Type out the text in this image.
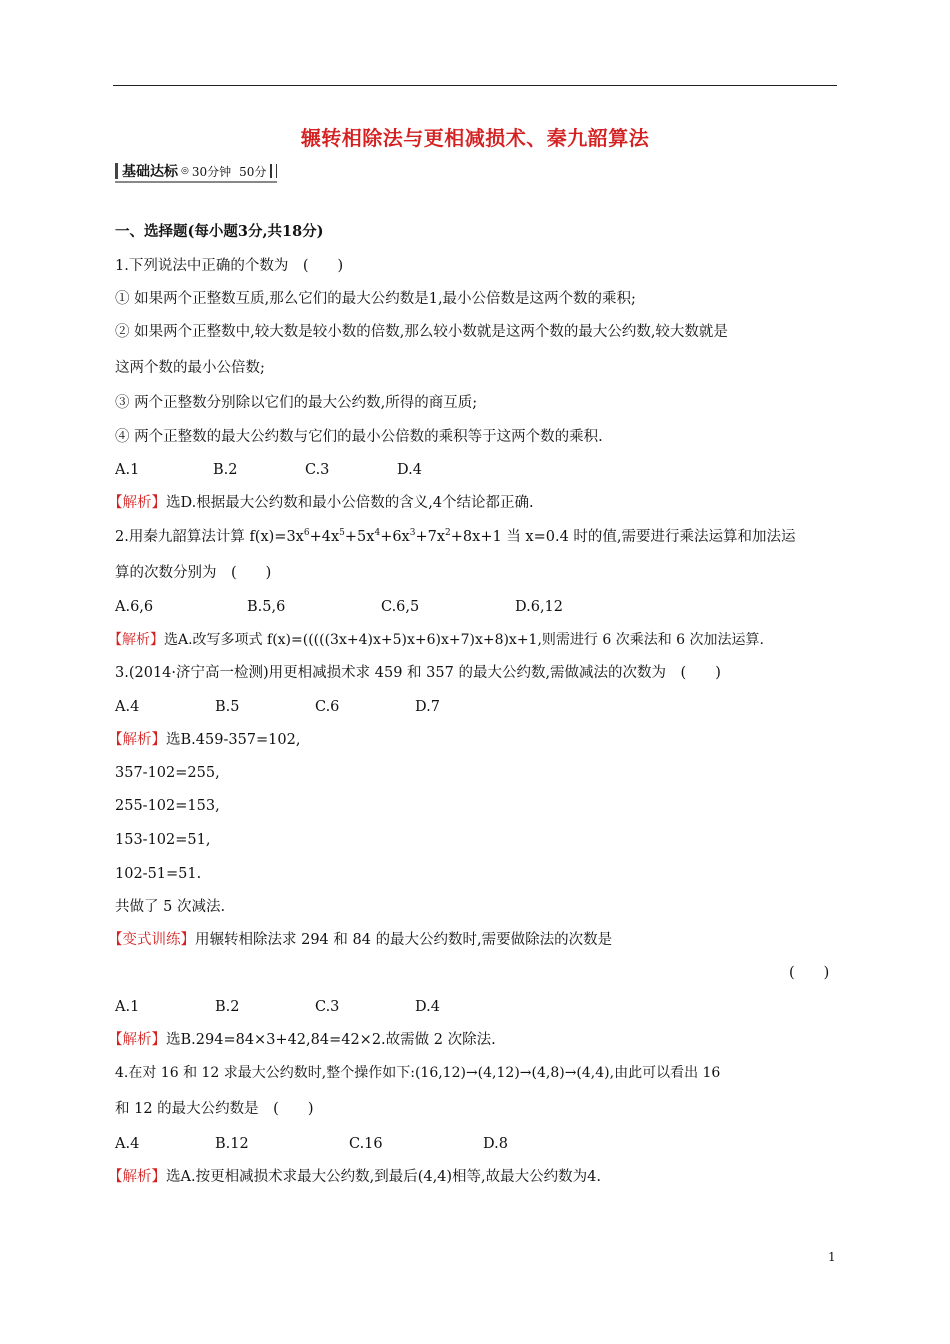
辗转相除法与更相减损术、秦九韶算法
基础达标 ◎ 30分钟 50分
一、选择题(每小题3分,共18分)
1.下列说法中正确的个数为　(　　)
① 如果两个正整数互质,那么它们的最大公约数是1,最小公倍数是这两个数的乘积;
② 如果两个正整数中,较大数是较小数的倍数,那么较小数就是这两个数的最大公约数,较大数就是
这两个数的最小公倍数;
③ 两个正整数分别除以它们的最大公约数,所得的商互质;
④ 两个正整数的最大公约数与它们的最小公倍数的乘积等于这两个数的乘积.
A.1	B.2	C.3	D.4
【解析】选D.根据最大公约数和最小公倍数的含义,4个结论都正确.
2.用秦九韶算法计算 $f(x)=3x^6+4x^5+5x^4+6x^3+7x^2+8x+1$ 当 x=0.4 时的值,需要进行乘法运算和加法运
算的次数分别为　(　　)
A.6,6	B.5,6	C.6,5	D.6,12
【解析】选A.改写多项式 f(x)=(((((3x+4)x+5)x+6)x+7)x+8)x+1,则需进行 6 次乘法和 6 次加法运算.
3.(2014·济宁高一检测)用更相减损术求 459 和 357 的最大公约数,需做减法的次数为　(　　)
A.4	B.5	C.6	D.7
【解析】选B.459-357=102,
357-102=255,
255-102=153,
153-102=51,
102-51=51.
共做了 5 次减法.
【变式训练】用辗转相除法求 294 和 84 的最大公约数时,需要做除法的次数是
(　　)
A.1	B.2	C.3	D.4
【解析】选B.294=84×3+42,84=42×2.故需做 2 次除法.
4.在对 16 和 12 求最大公约数时,整个操作如下:(16,12)→(4,12)→(4,8)→(4,4),由此可以看出 16
和 12 的最大公约数是　(　　)
A.4	B.12	C.16	D.8
【解析】选A.按更相减损术求最大公约数,到最后(4,4)相等,故最大公约数为4.
1
